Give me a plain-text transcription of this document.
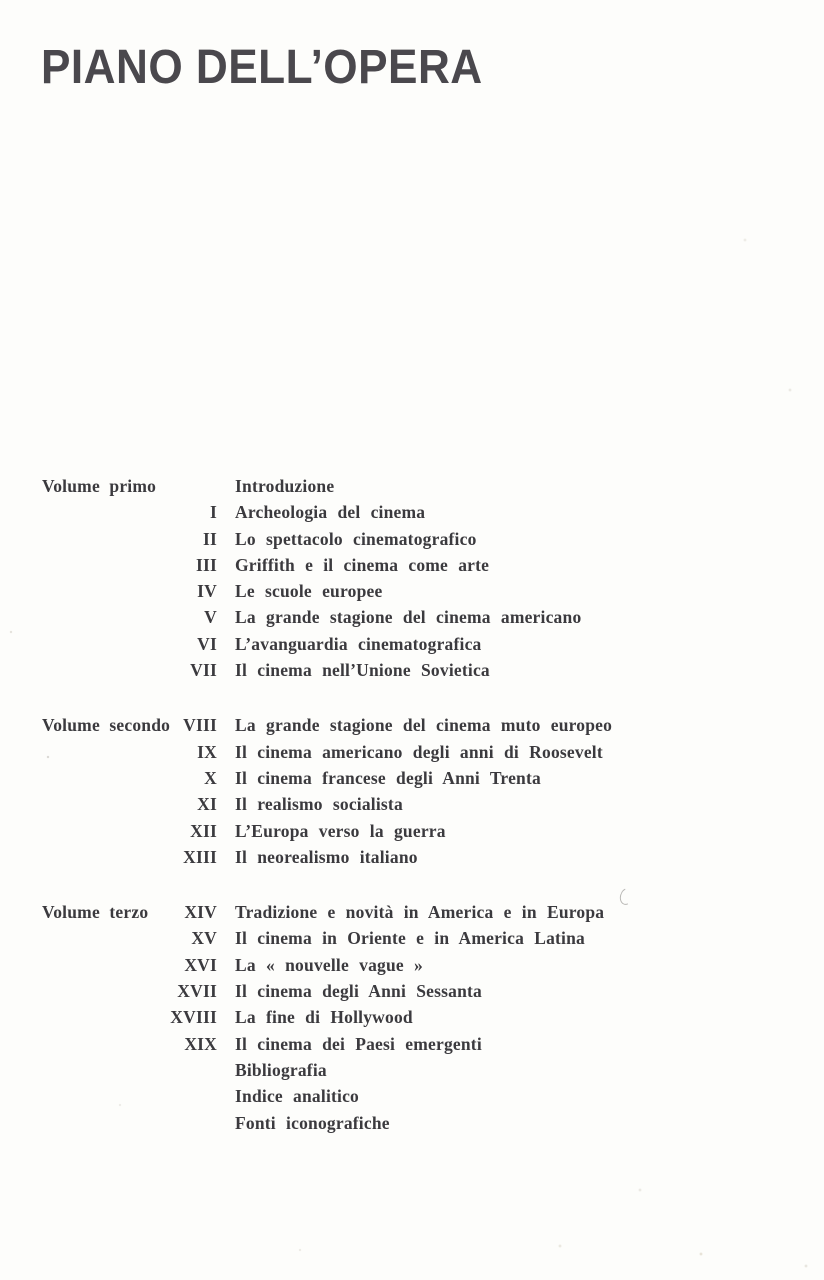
PIANO DELL’OPERA
Volume primo	Introduzione
I	Archeologia del cinema
II	Lo spettacolo cinematografico
III	Griffith e il cinema come arte
IV	Le scuole europee
V	La grande stagione del cinema americano
VI	L’avanguardia cinematografica
VII	Il cinema nell’Unione Sovietica
Volume secondo VIII	La grande stagione del cinema muto europeo
IX	Il cinema americano degli anni di Roosevelt
X	Il cinema francese degli Anni Trenta
XI	Il realismo socialista
XII	L’Europa verso la guerra
XIII	Il neorealismo italiano
Volume terzo	XIV	Tradizione e novità in America e in Europa
XV	Il cinema in Oriente e in America Latina
XVI	La « nouvelle vague »
XVII	Il cinema degli Anni Sessanta
XVIII	La fine di Hollywood
XIX	Il cinema dei Paesi emergenti
Bibliografia
Indice analitico
Fonti iconografiche
